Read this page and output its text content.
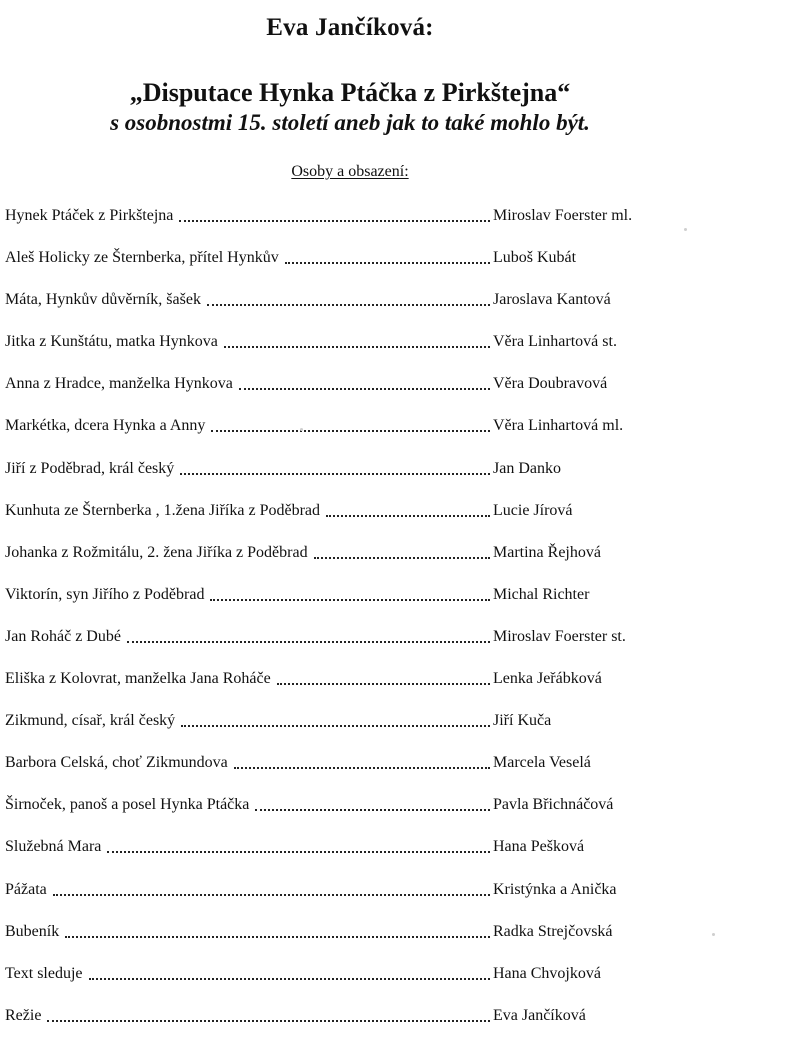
Eva Jančíková:
„Disputace Hynka Ptáčka z Pirkštejna“
s osobnostmi 15. století aneb jak to také mohlo být.
Osoby a obsazení:
Hynek Ptáček z Pirkštejna	Miroslav Foerster ml.
Aleš Holicky ze Šternberka, přítel Hynkův	Luboš Kubát
Máta, Hynkův důvěrník, šašek	Jaroslava Kantová
Jitka z Kunštátu, matka Hynkova	Věra Linhartová st.
Anna z Hradce, manželka Hynkova	Věra Doubravová
Markétka, dcera Hynka a Anny	Věra Linhartová ml.
Jiří z Poděbrad, král český	Jan Danko
Kunhuta ze Šternberka , 1.žena Jiříka z Poděbrad	Lucie Jírová
Johanka z Rožmitálu, 2. žena Jiříka z Poděbrad	Martina Řejhová
Viktorín, syn Jiřího z Poděbrad	Michal Richter
Jan Roháč z Dubé	Miroslav Foerster st.
Eliška z Kolovrat, manželka Jana Roháče	Lenka Jeřábková
Zikmund, císař, král český	Jiří Kuča
Barbora Celská, choť Zikmundova	Marcela Veselá
Širnoček, panoš a posel Hynka Ptáčka	Pavla Břichnáčová
Služebná Mara	Hana Pešková
Pážata	Kristýnka a Anička
Bubeník	Radka Strejčovská
Text sleduje	Hana Chvojková
Režie	Eva Jančíková
